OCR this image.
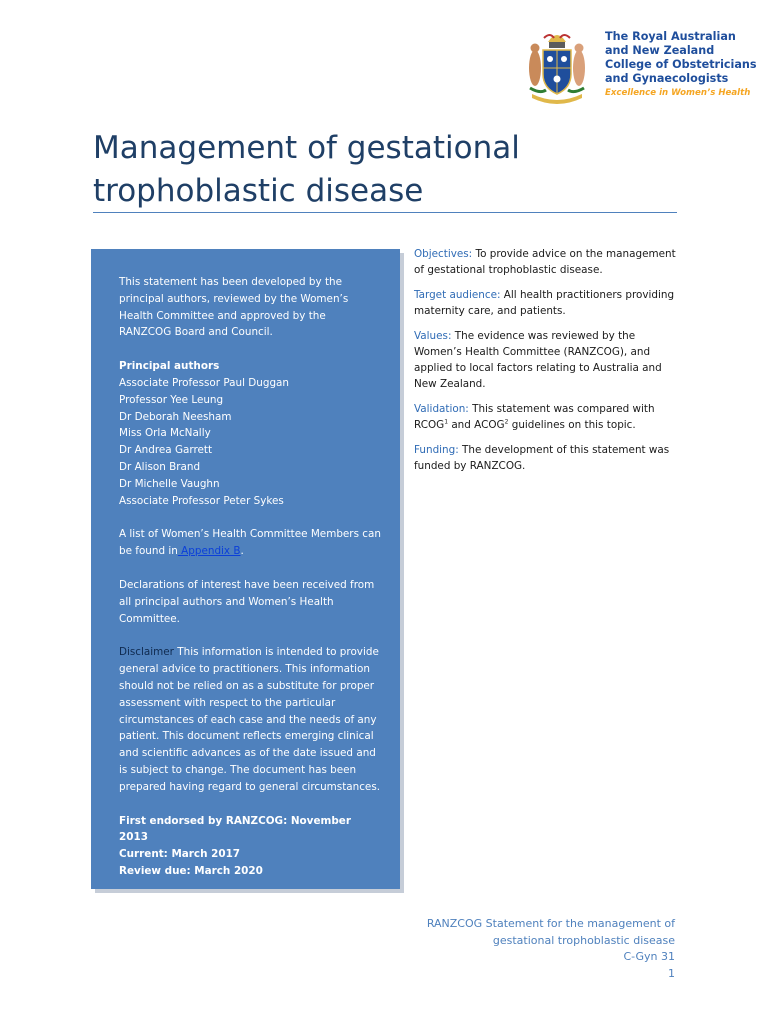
The Royal Australian
and New Zealand
College of Obstetricians
and Gynaecologists
Excellence in Women’s Health
Management of gestational
trophoblastic disease

This statement has been developed by the principal authors, reviewed by the Women’s Health Committee and approved by the RANZCOG Board and Council.

Principal authors

Associate Professor Paul Duggan

Professor Yee Leung

Dr Deborah Neesham

Miss Orla McNally

Dr Andrea Garrett

Dr Alison Brand

Dr Michelle Vaughn

Associate Professor Peter Sykes

A list of Women’s Health Committee Members can be found in Appendix B.

Declarations of interest have been received from all principal authors and Women’s Health Committee.

Disclaimer This information is intended to provide general advice to practitioners. This information should not be relied on as a substitute for proper assessment with respect to the particular circumstances of each case and the needs of any patient. This document reflects emerging clinical and scientific advances as of the date issued and is subject to change. The document has been prepared having regard to general circumstances.

First endorsed by RANZCOG: November 2013

Current: March 2017

Review due: March 2020

Objectives: To provide advice on the management of gestational trophoblastic disease.

Target audience: All health practitioners providing maternity care, and patients.

Values: The evidence was reviewed by the Women’s Health Committee (RANZCOG), and applied to local factors relating to Australia and New Zealand.

Validation: This statement was compared with RCOG$^1$ and ACOG$^2$ guidelines on this topic.

Funding: The development of this statement was funded by RANZCOG.

RANZCOG Statement for the management of
gestational trophoblastic disease
C-Gyn 31
1
